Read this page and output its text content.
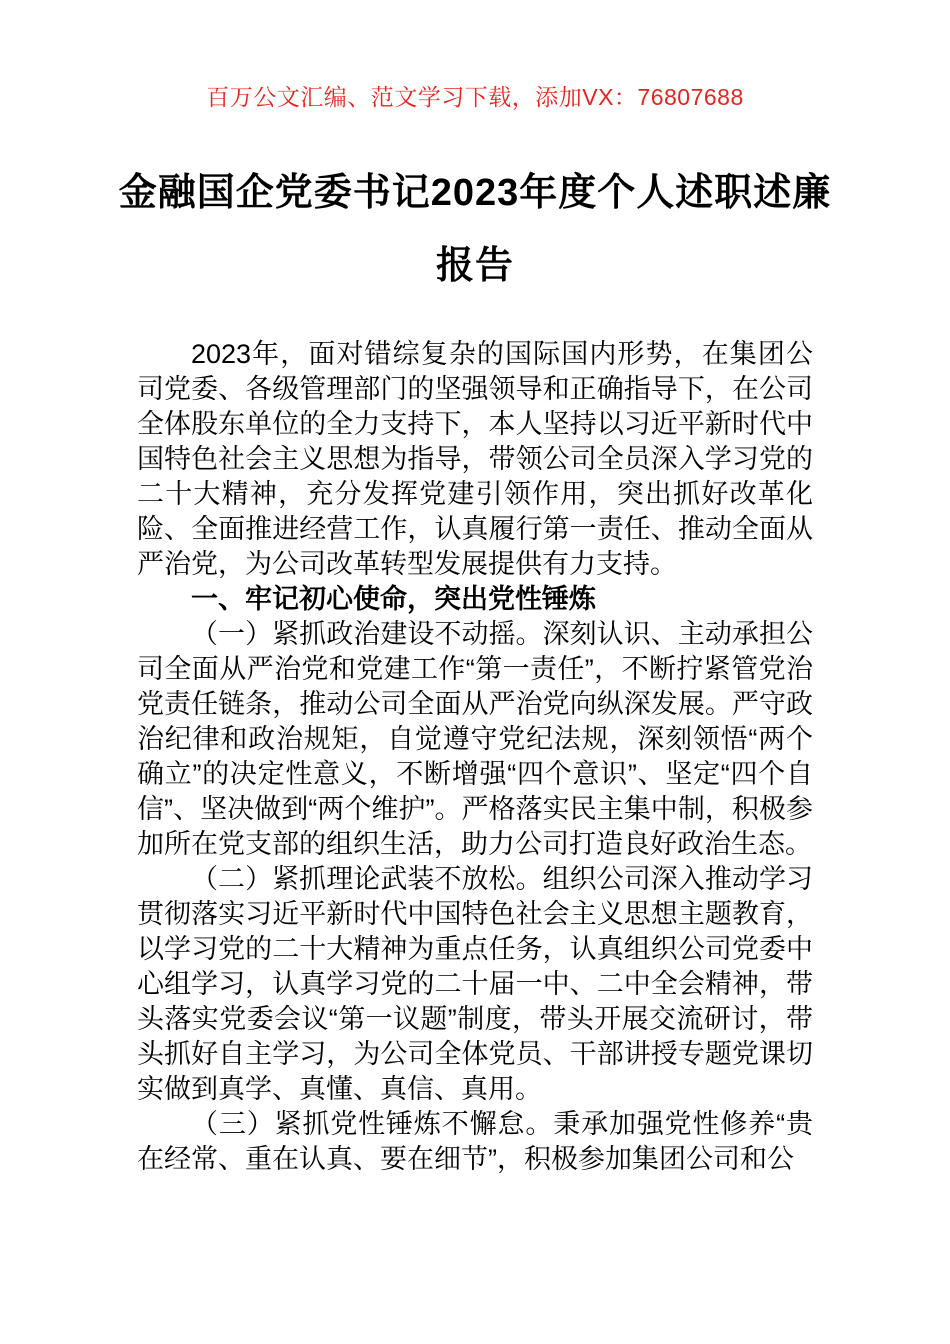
百万公文汇编、范文学习下载，添加VX：76807688
金融国企党委书记2023年度个人述职述廉
报告

2023年，面对错综复杂的国际国内形势，在集团公司党委、各级管理部门的坚强领导和正确指导下，在公司全体股东单位的全力支持下，本人坚持以习近平新时代中国特色社会主义思想为指导，带领公司全员深入学习党的二十大精神，充分发挥党建引领作用，突出抓好改革化险、全面推进经营工作，认真履行第一责任、推动全面从严治党，为公司改革转型发展提供有力支持。

一、牢记初心使命，突出党性锤炼

（一）紧抓政治建设不动摇。深刻认识、主动承担公司全面从严治党和党建工作“第一责任”，不断拧紧管党治党责任链条，推动公司全面从严治党向纵深发展。严守政治纪律和政治规矩，自觉遵守党纪法规，深刻领悟“两个确立”的决定性意义，不断增强“四个意识”、坚定“四个自信”、坚决做到“两个维护”。严格落实民主集中制，积极参加所在党支部的组织生活，助力公司打造良好政治生态。

（二）紧抓理论武装不放松。组织公司深入推动学习贯彻落实习近平新时代中国特色社会主义思想主题教育，以学习党的二十大精神为重点任务，认真组织公司党委中心组学习，认真学习党的二十届一中、二中全会精神，带头落实党委会议“第一议题”制度，带头开展交流研讨，带头抓好自主学习，为公司全体党员、干部讲授专题党课切实做到真学、真懂、真信、真用。

（三）紧抓党性锤炼不懈怠。秉承加强党性修养“贵在经常、重在认真、要在细节”，积极参加集团公司和公
